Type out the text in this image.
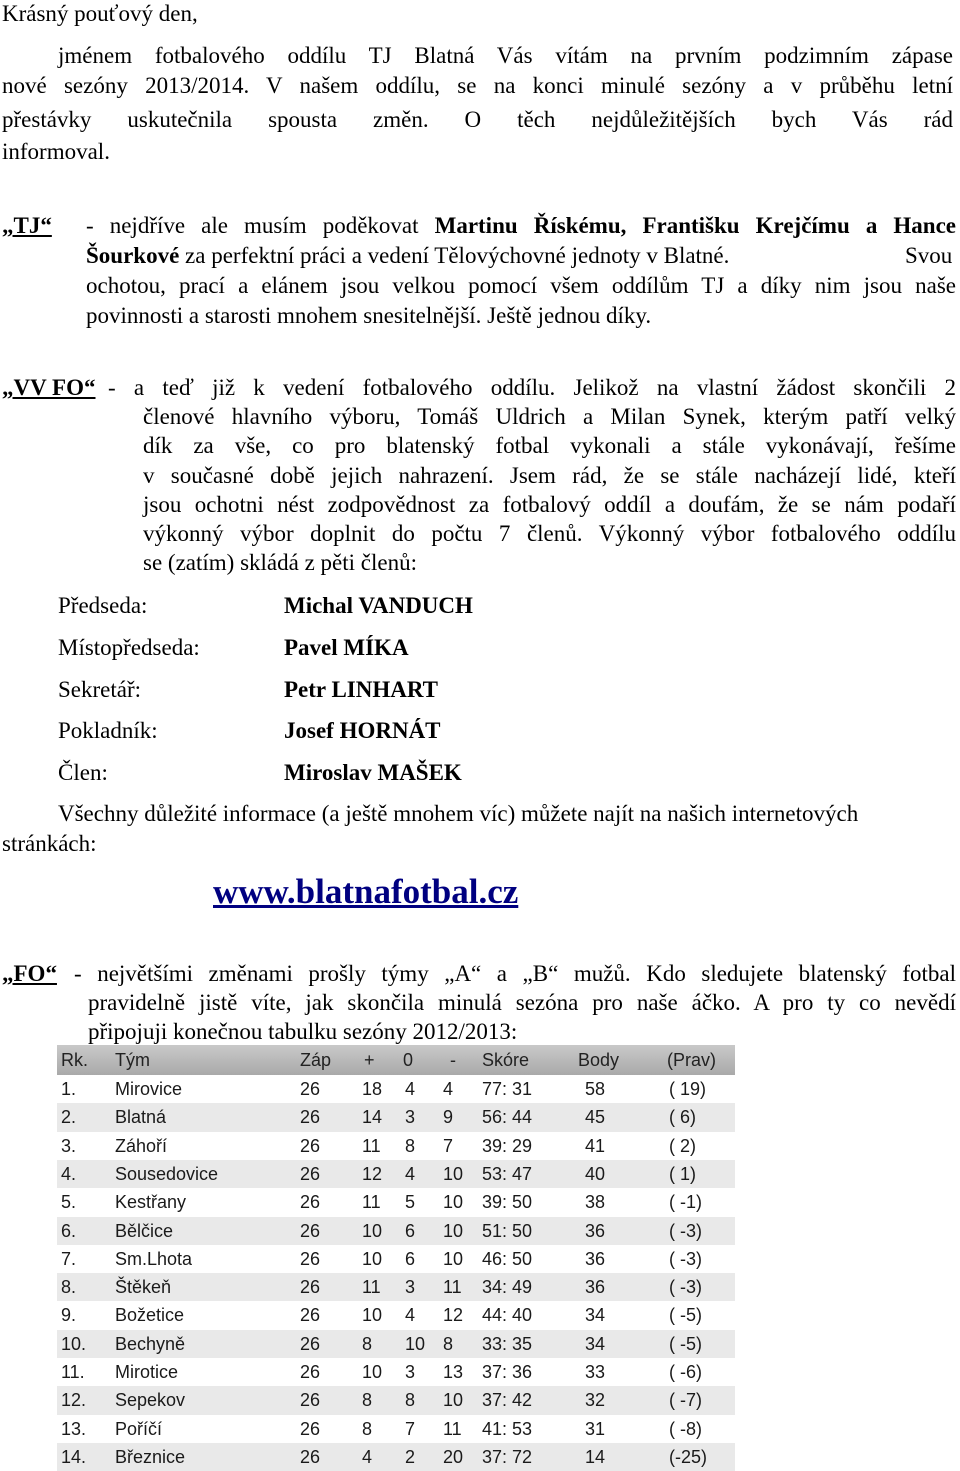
Krásný pouťový den,
jménem fotbalového oddílu TJ Blatná Vás vítám na prvním podzimním zápase
nové sezóny 2013/2014. V našem oddílu, se na konci minulé sezóny a v průběhu letní
přestávky uskutečnila spousta změn. O těch nejdůležitějších bych Vás rád
informoval.
„TJ“ - nejdříve ale musím poděkovat Martinu Řískému, Františku Krejčímu a Hance
Šourkové za perfektní práci a vedení Tělovýchovné jednoty v Blatné.	Svou
ochotou, prací a elánem jsou velkou pomocí všem oddílům TJ a díky nim jsou naše
povinnosti a starosti mnohem snesitelnější. Ještě jednou díky.
„VV FO“ - a teď již k vedení fotbalového oddílu. Jelikož na vlastní žádost skončili 2
členové hlavního výboru, Tomáš Uldrich a Milan Synek, kterým patří velký
dík za vše, co pro blatenský fotbal vykonali a stále vykonávají, řešíme
v současné době jejich nahrazení. Jsem rád, že se stále nacházejí lidé, kteří
jsou ochotni nést zodpovědnost za fotbalový oddíl a doufám, že se nám podaří
výkonný výbor doplnit do počtu 7 členů. Výkonný výbor fotbalového oddílu
se (zatím) skládá z pěti členů:
Předseda:	Michal VANDUCH
Místopředseda:	Pavel MÍKA
Sekretář:	Petr LINHART
Pokladník:	Josef HORNÁT
Člen:	Miroslav MAŠEK
Všechny důležité informace (a ještě mnohem víc) můžete najít na našich internetových
stránkách:
www.blatnafotbal.cz
„FO“ - největšími změnami prošly týmy „A“ a „B“ mužů. Kdo sledujete blatenský fotbal
pravidelně jistě víte, jak skončila minulá sezóna pro naše áčko. A pro ty co nevědí
připojuji konečnou tabulku sezóny 2012/2013:
Rk. Tým	Záp + 0 - Skóre	Body	(Prav)
1. Mirovice	26 18 4 4 77: 31	58	( 19)
2. Blatná	26 14 3 9 56: 44	45	( 6)
3. Záhoří	26 11 8 7 39: 29	41	( 2)
4. Sousedovice	26 12 4 10 53: 47	40	( 1)
5. Kestřany	26 11 5 10 39: 50	38	( -1)
6. Bělčice	26 10 6 10 51: 50	36	( -3)
7. Sm.Lhota	26 10 6 10 46: 50	36	( -3)
8. Štěkeň	26 11 3 11 34: 49	36	( -3)
9. Božetice	26 10 4 12 44: 40	34	( -5)
10. Bechyně	26 8 10 8 33: 35	34	( -5)
11. Mirotice	26 10 3 13 37: 36	33	( -6)
12. Sepekov	26 8 8 10 37: 42	32	( -7)
13. Poříčí	26 8 7 11 41: 53	31	( -8)
14. Březnice	26 4 2 20 37: 72	14	(-25)
